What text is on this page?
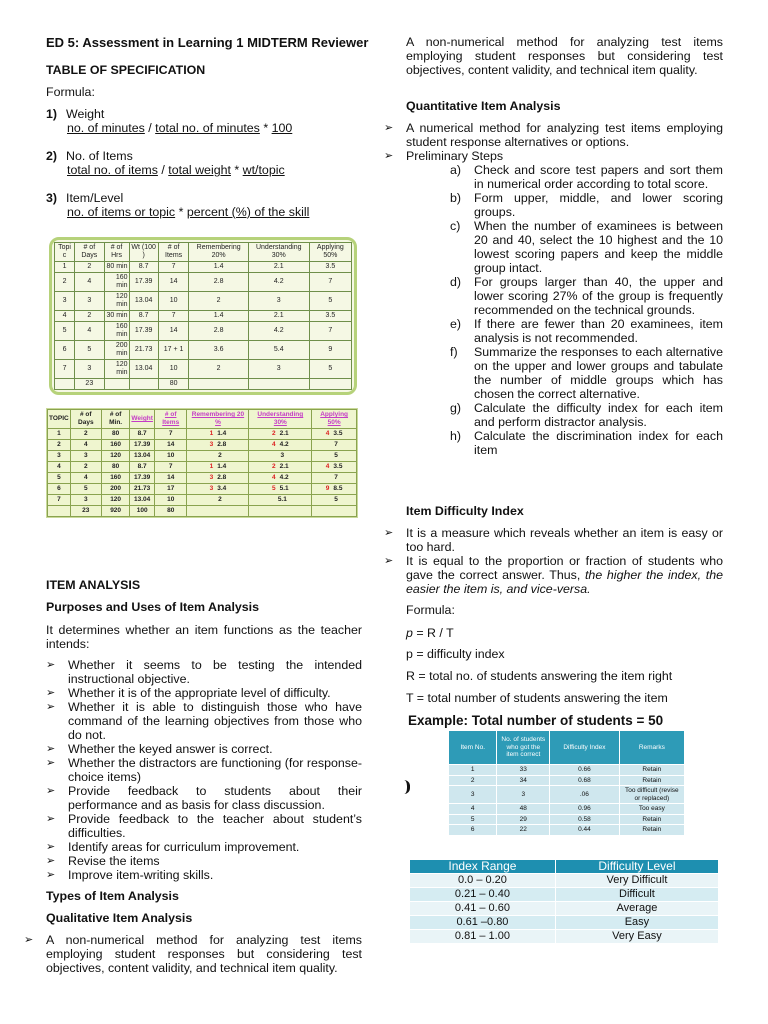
ED 5: Assessment in Learning 1 MIDTERM Reviewer
TABLE OF SPECIFICATION
Formula:
1) Weight
no. of minutes / total no. of minutes * 100
2) No. of Items
total no. of items / total weight * wt/topic
3) Item/Level
no. of items or topic * percent (%) of the skill
Topi c	# of Days	# of Hrs	Wt (100 )	# of Items	Remembering 20%	Understanding 30%	Applying 50%
1	2	80 min	8.7	7	1.4	2.1	3.5
2	4	160 min	17.39	14	2.8	4.2	7
3	3	120 min	13.04	10	2	3	5
4	2	30 min	8.7	7	1.4	2.1	3.5
5	4	160 min	17.39	14	2.8	4.2	7
6	5	200 min	21.73	17 + 1	3.6	5.4	9
7	3	120 min	13.04	10	2	3	5
	23			80			
TOPIC	# of Days	# of Min.	Weight	# of Items	Remembering 20 %	Understanding 30%	Applying 50%
1	2	80	8.7	7	1 1.4	2 2.1	4 3.5
2	4	160	17.39	14	3 2.8	4 4.2	7
3	3	120	13.04	10	2	3	5
4	2	80	8.7	7	1 1.4	2 2.1	4 3.5
5	4	160	17.39	14	3 2.8	4 4.2	7
6	5	200	21.73	17	3 3.4	5 5.1	9 8.5
7	3	120	13.04	10	2	5.1	5
	23	920	100	80			
ITEM ANALYSIS
Purposes and Uses of Item Analysis
It determines whether an item functions as the teacher intends:
➢ Whether it seems to be testing the intended instructional objective.
➢ Whether it is of the appropriate level of difficulty.
➢ Whether it is able to distinguish those who have command of the learning objectives from those who do not.
➢ Whether the keyed answer is correct.
➢ Whether the distractors are functioning (for response-choice items)
➢ Provide feedback to students about their performance and as basis for class discussion.
➢ Provide feedback to the teacher about student’s difficulties.
➢ Identify areas for curriculum improvement.
➢ Revise the items
➢ Improve item-writing skills.
Types of Item Analysis
Qualitative Item Analysis
➢ A non-numerical method for analyzing test items employing student responses but considering test objectives, content validity, and technical item quality.
A non-numerical method for analyzing test items employing student responses but considering test objectives, content validity, and technical item quality.
Quantitative Item Analysis
➢ A numerical method for analyzing test items employing student response alternatives or options.
➢ Preliminary Steps
a) Check and score test papers and sort them in numerical order according to total score.
b) Form upper, middle, and lower scoring groups.
c) When the number of examinees is between 20 and 40, select the 10 highest and the 10 lowest scoring papers and keep the middle group intact.
d) For groups larger than 40, the upper and lower scoring 27% of the group is frequently recommended on the technical grounds.
e) If there are fewer than 20 examinees, item analysis is not recommended.
f) Summarize the responses to each alternative on the upper and lower groups and tabulate the number of middle groups which has chosen the correct alternative.
g) Calculate the difficulty index for each item and perform distractor analysis.
h) Calculate the discrimination index for each item
Item Difficulty Index
➢ It is a measure which reveals whether an item is easy or too hard.
➢ It is equal to the proportion or fraction of students who gave the correct answer. Thus, the higher the index, the easier the item is, and vice-versa.
Formula:
p = R / T
p = difficulty index
R = total no. of students answering the item right
T = total number of students answering the item
Example: Total number of students = 50
Item No.	No. of students who got the item correct	Difficulty Index	Remarks
1	33	0.66	Retain
2	34	0.68	Retain
3	3	.06	Too difficult (revise or replaced)
4	48	0.96	Too easy
5	29	0.58	Retain
6	22	0.44	Retain
Index Range	Difficulty Level
0.0 – 0.20	Very Difficult
0.21 – 0.40	Difficult
0.41 – 0.60	Average
0.61 –0.80	Easy
0.81 – 1.00	Very Easy
